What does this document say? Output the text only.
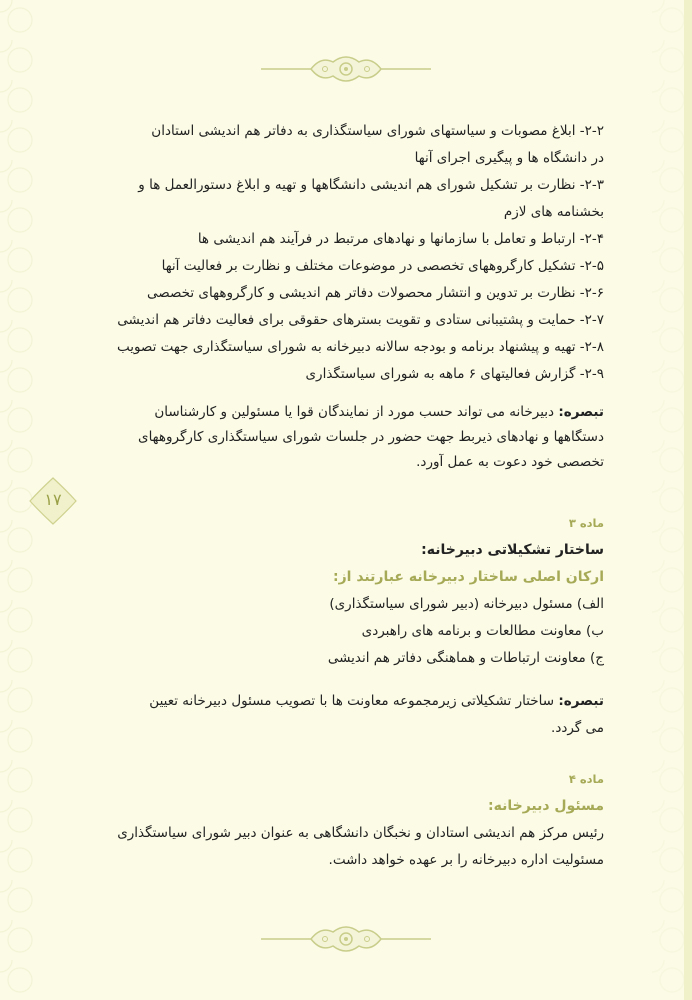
۱۷
۲-۲- ابلاغ مصوبات و سیاستهای شورای سیاستگذاری به دفاتر هم اندیشی استادان
در دانشگاه ها و پیگیری اجرای آنها
۲-۳- نظارت بر تشکیل شورای هم اندیشی دانشگاهها و تهیه و ابلاغ دستورالعمل ها و
بخشنامه های لازم
۲-۴- ارتباط و تعامل با سازمانها و نهادهای مرتبط در فرآیند هم اندیشی ها
۲-۵- تشکیل کارگروههای تخصصی در موضوعات مختلف و نظارت بر فعالیت آنها
۲-۶- نظارت بر تدوین و انتشار محصولات دفاتر هم اندیشی و کارگروههای تخصصی
۲-۷- حمایت و پشتیبانی ستادی و تقویت بسترهای حقوقی برای فعالیت دفاتر هم اندیشی
۲-۸- تهیه و پیشنهاد برنامه و بودجه سالانه دبیرخانه به شورای سیاستگذاری جهت تصویب
۲-۹- گزارش فعالیتهای ۶ ماهه به شورای سیاستگذاری
تبصره: دبیرخانه می تواند حسب مورد از نمایندگان قوا یا مسئولین و کارشناسان
دستگاهها و نهادهای ذیربط جهت حضور در جلسات شورای سیاستگذاری کارگروههای
تخصصی خود دعوت به عمل آورد.
ماده ۳
ساختار تشکیلاتی دبیرخانه:
ارکان اصلی ساختار دبیرخانه عبارتند از:
الف) مسئول دبیرخانه (دبیر شورای سیاستگذاری)
ب) معاونت مطالعات و برنامه های راهبردی
ج) معاونت ارتباطات و هماهنگی دفاتر هم اندیشی
تبصره: ساختار تشکیلاتی زیرمجموعه معاونت ها با تصویب مسئول دبیرخانه تعیین
می گردد.
ماده ۴
مسئول دبیرخانه:
رئیس مرکز هم اندیشی استادان و نخبگان دانشگاهی به عنوان دبیر شورای سیاستگذاری
مسئولیت اداره دبیرخانه را بر عهده خواهد داشت.
